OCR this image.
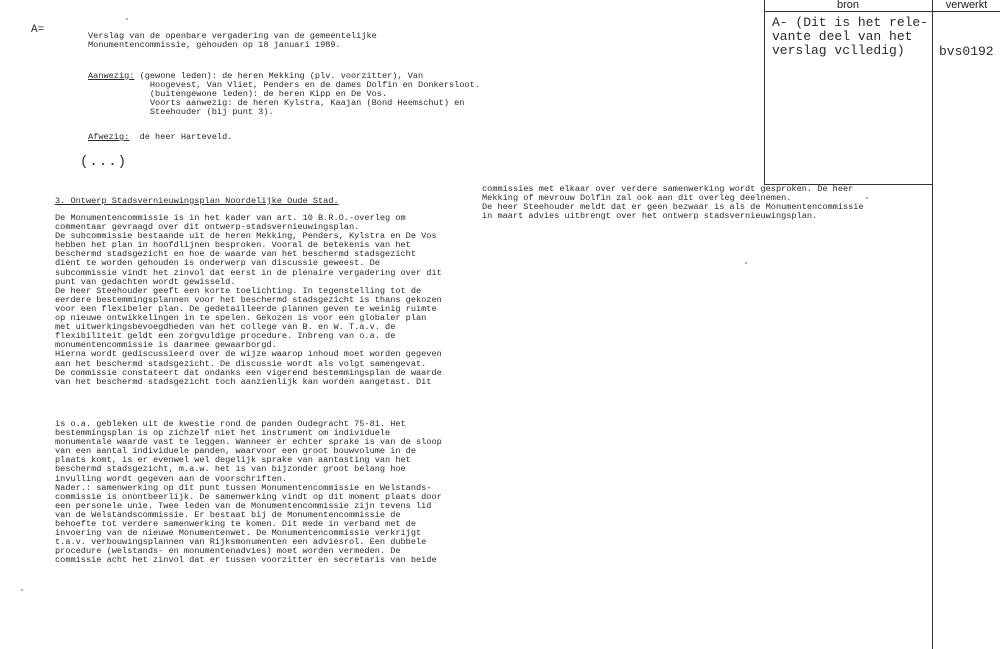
bron	verwerkt
A- (Dit is het rele-
vante deel van het
verslag vclledig)	bvs0192
A=	Verslag van de openbare vergadering van de gemeentelijke
Monumentencommissie, gehouden op 18 januari 1989.
Aanwezig: (gewone leden): de heren Mekking (plv. voorzitter), Van
Hoogevest, Van Vliet, Penders en de dames Dolfin en Donkersloot.
(buitengewone leden): de heren Kipp en De Vos.
Voorts aanwezig: de heren Kylstra, Kaajan (Bond Heemschut) en
Steehouder (bij punt 3).
Afwezig:  de heer Harteveld.
(...)
3. Ontwerp Stadsvernieuwingsplan Noordelijke Oude Stad.
De Monumentencommissie is in het kader van art. 10 B.R.O.-overleg om
commentaar gevraagd over dit ontwerp-stadsvernieuwingsplan.
De subcommissie bestaande uit de heren Mekking, Penders, Kylstra en De Vos
hebben het plan in hoofdlijnen besproken. Vooral de betekenis van het
beschermd stadsgezicht en hoe de waarde van het beschermd stadsgezicht
dient te worden gehouden is onderwerp van discussie geweest. De
subcommissie vindt het zinvol dat eerst in de plenaire vergadering over dit
punt van gedachten wordt gewisseld.
De heer Steehouder geeft een korte toelichting. In tegenstelling tot de
eerdere bestemmingsplannen voor het beschermd stadsgezicht is thans gekozen
voor een flexibeler plan. De gedetailleerde plannen geven te weinig ruimte
op nieuwe ontwikkelingen in te spelen. Gekozen is voor een globaler plan
met uitwerkingsbevoegdheden van het college van B. en W. T.a.v. de
flexibiliteit geldt een zorgvuldige procedure. Inbreng van o.a. de
monumentencommissie is daarmee gewaarborgd.
Hierna wordt gediscussieerd over de wijze waarop inhoud moet worden gegeven
aan het beschermd stadsgezicht. De discussie wordt als volgt samengevat.
De commissie constateert dat ondanks een vigerend bestemmingsplan de waarde
van het beschermd stadsgezicht toch aanzienlijk kan worden aangetast. Dit
is o.a. gebleken uit de kwestie rond de panden Oudegracht 75-81. Het
bestemmingsplan is op zichzelf niet het instrument om individuele
monumentale waarde vast te leggen. Wanneer er echter sprake is van de sloop
van een aantal individuele panden, waarvoor een groot bouwvolume in de
plaats komt, is er evenwel wel degelijk sprake van aantasting van het
beschermd stadsgezicht, m.a.w. het is van bijzonder groot belang hoe
invulling wordt gegeven aan de voorschriften.
Nader.: samenwerking op dit punt tussen Monumentencommissie en Welstands-
commissie is onontbeerlijk. De samenwerking vindt op dit moment plaats door
een personele unie. Twee leden van de Monumentencommissie zijn tevens lid
van de Welstandscommissie. Er bestaat bij de Monumentencommissie de
behoefte tot verdere samenwerking te komen. Dit mede in verband met de
invoering van de nieuwe Monumentenwet. De Monumentencommissie verkrijgt
t.a.v. verbouwingsplannen van Rijksmonumenten een adviesrol. Een dubbele
procedure (welstands- en monumentenadvies) moet worden vermeden. De
commissie acht het zinvol dat er tussen voorzitter en secretaris van beide
commissies met elkaar over verdere samenwerking wordt gesproken. De heer
Mekking of mevrouw Dolfin zal ook aan dit overleg deelnemen.
De heer Steehouder meldt dat er geen bezwaar is als de Monumentencommissie
in maart advies uitbrengt over het ontwerp stadsvernieuwingsplan.
